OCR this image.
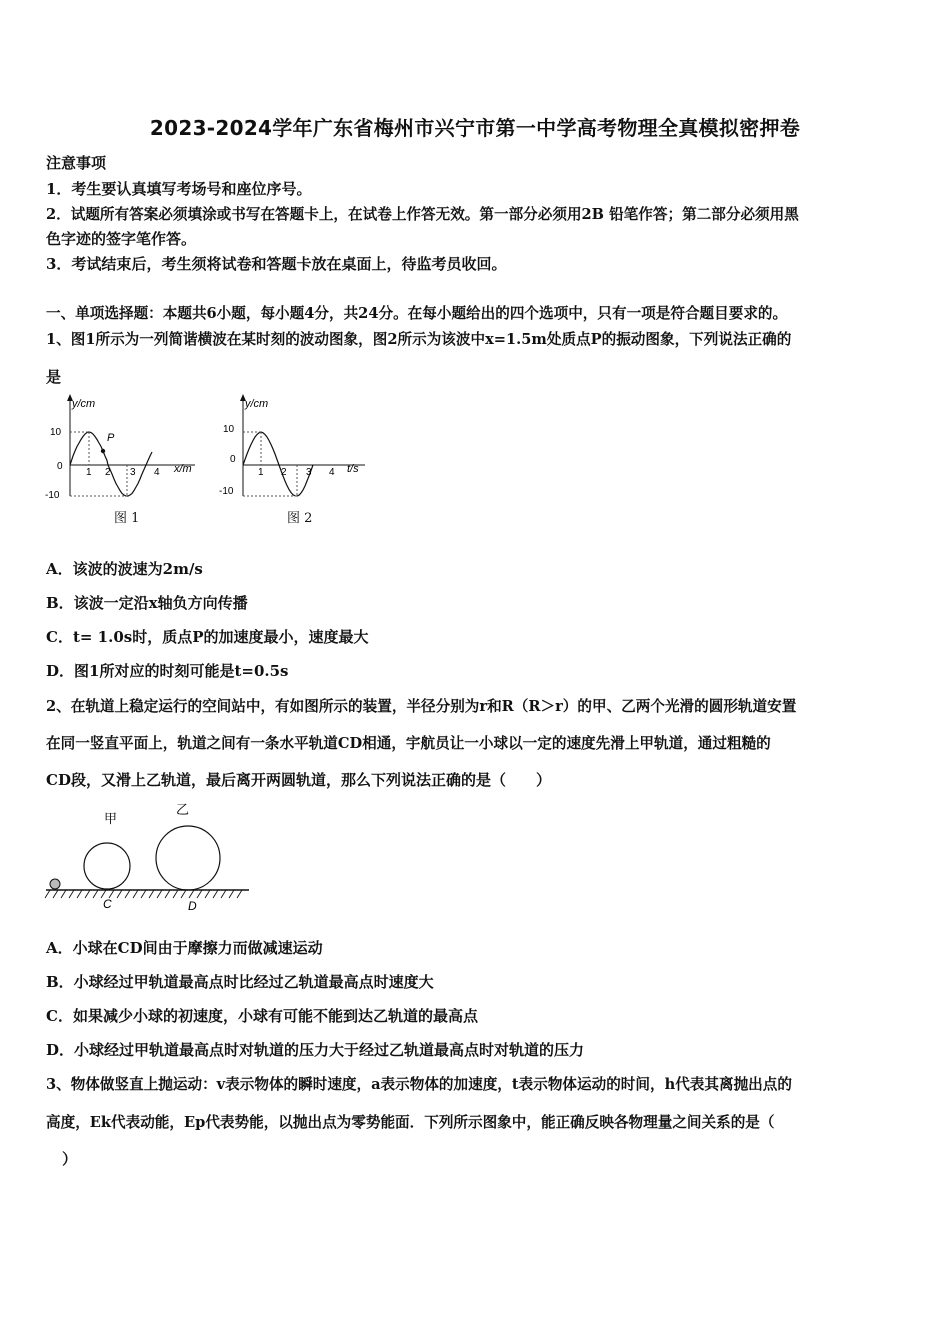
2023-2024学年广东省梅州市兴宁市第一中学高考物理全真模拟密押卷
注意事项
1．考生要认真填写考场号和座位序号。
2．试题所有答案必须填涂或书写在答题卡上，在试卷上作答无效。第一部分必须用2B 铅笔作答；第二部分必须用黑
色字迹的签字笔作答。
3．考试结束后，考生须将试卷和答题卡放在桌面上，待监考员收回。
一、单项选择题：本题共6小题，每小题4分，共24分。在每小题给出的四个选项中，只有一项是符合题目要求的。
1、图1所示为一列简谐横波在某时刻的波动图象，图2所示为该波中x=1.5m处质点P的振动图象，下列说法正确的
是
P
y/cm
x/m
10
0
-10
1 2 3 4
图 1
y/cm
t/s
10
0
-10
1 2 3 4
图 2
A．该波的波速为2m/s
B．该波一定沿x轴负方向传播
C．t= 1.0s时，质点P的加速度最小，速度最大
D．图1所对应的时刻可能是t=0.5s
2、在轨道上稳定运行的空间站中，有如图所示的装置，半径分别为r和R（R＞r）的甲、乙两个光滑的圆形轨道安置
在同一竖直平面上，轨道之间有一条水平轨道CD相通，宇航员让一小球以一定的速度先滑上甲轨道，通过粗糙的
CD段，又滑上乙轨道，最后离开两圆轨道，那么下列说法正确的是（　　）
甲
乙
C	D
A．小球在CD间由于摩擦力而做减速运动
B．小球经过甲轨道最高点时比经过乙轨道最高点时速度大
C．如果减少小球的初速度，小球有可能不能到达乙轨道的最高点
D．小球经过甲轨道最高点时对轨道的压力大于经过乙轨道最高点时对轨道的压力
3、物体做竖直上抛运动：v表示物体的瞬时速度，a表示物体的加速度，t表示物体运动的时间，h代表其离抛出点的
高度，Ek代表动能，Ep代表势能，以抛出点为零势能面．下列所示图象中，能正确反映各物理量之间关系的是（
）
